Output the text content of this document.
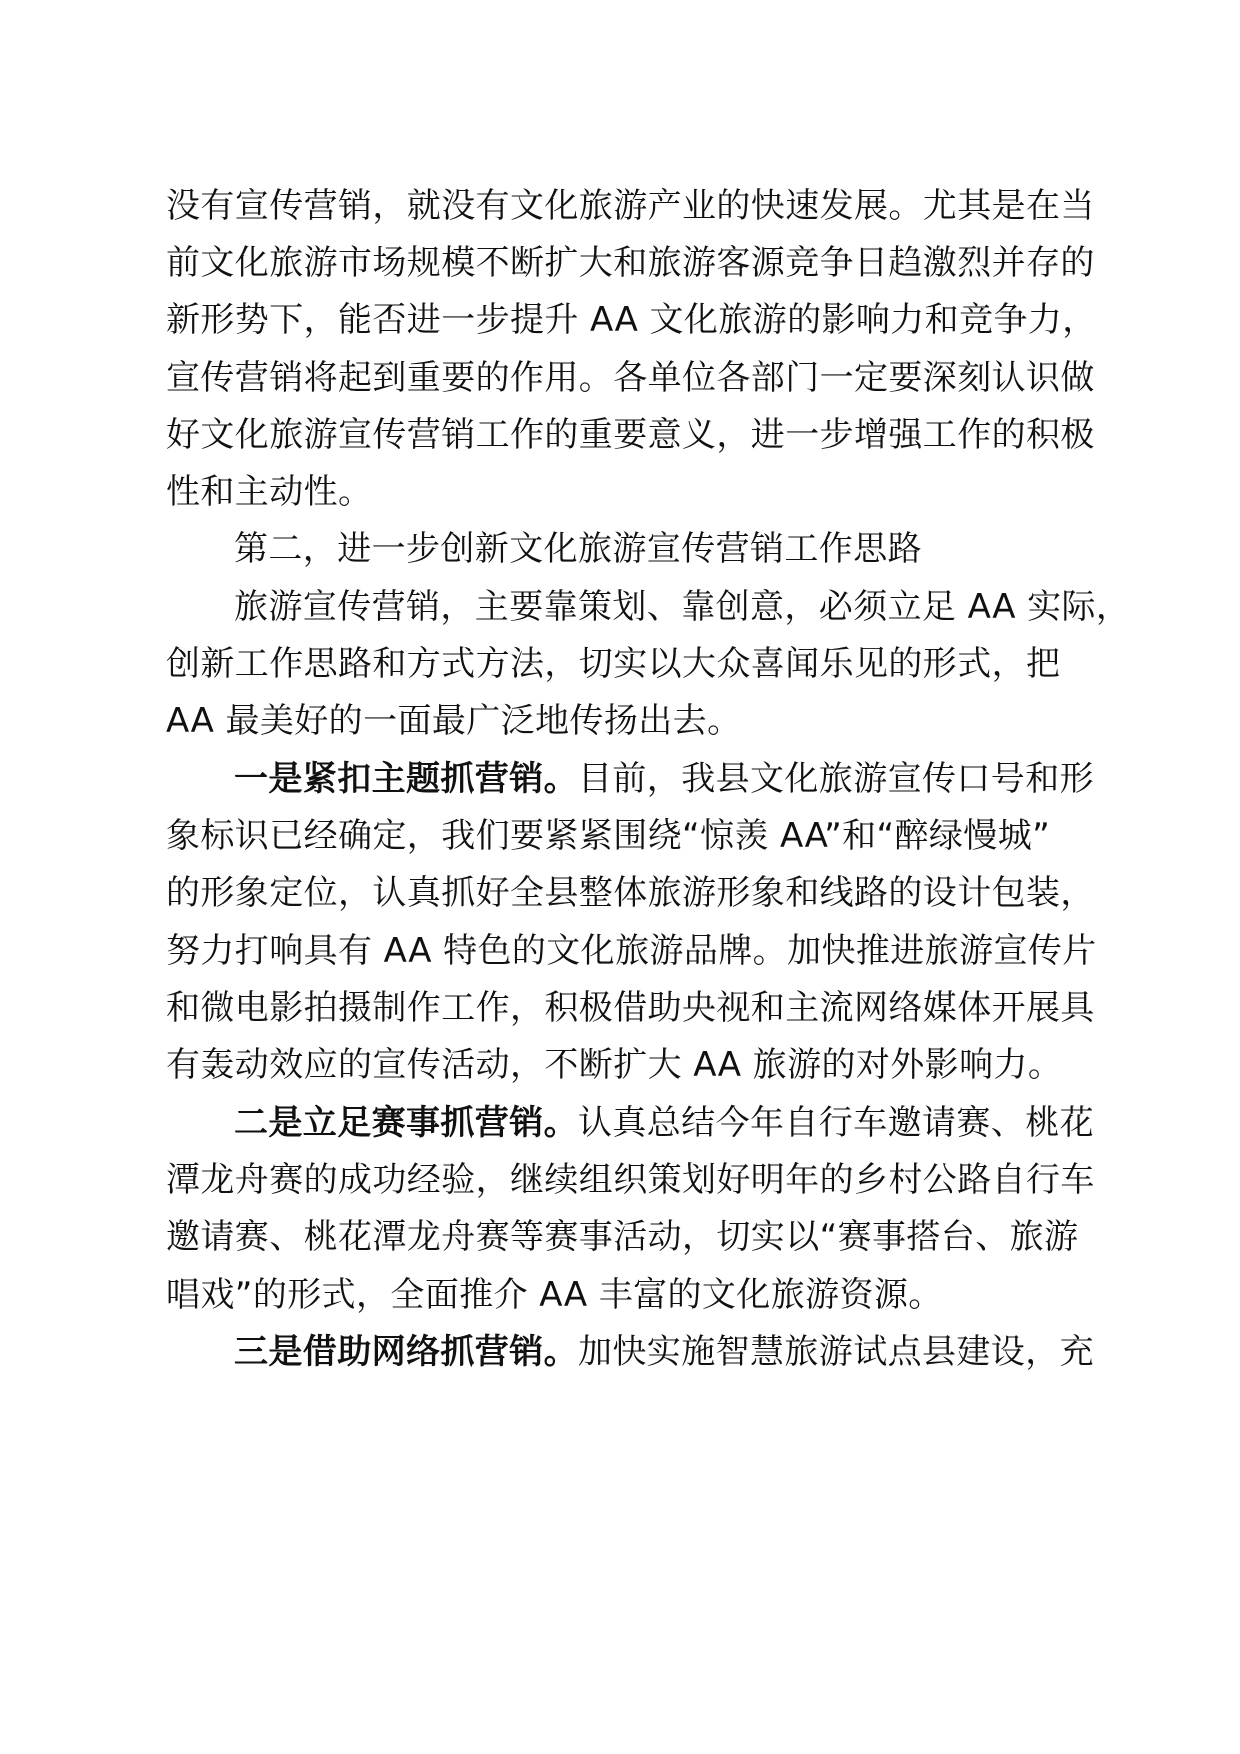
没有宣传营销，就没有文化旅游产业的快速发展。尤其是在当
前文化旅游市场规模不断扩大和旅游客源竞争日趋激烈并存的
新形势下，能否进一步提升 AA 文化旅游的影响力和竞争力，
宣传营销将起到重要的作用。各单位各部门一定要深刻认识做
好文化旅游宣传营销工作的重要意义，进一步增强工作的积极
性和主动性。
第二，进一步创新文化旅游宣传营销工作思路
旅游宣传营销，主要靠策划、靠创意，必须立足 AA 实际，
创新工作思路和方式方法，切实以大众喜闻乐见的形式，把
AA 最美好的一面最广泛地传扬出去。
一是紧扣主题抓营销。目前，我县文化旅游宣传口号和形
象标识已经确定，我们要紧紧围绕“惊羡 AA”和“醉绿慢城”
的形象定位，认真抓好全县整体旅游形象和线路的设计包装，
努力打响具有 AA 特色的文化旅游品牌。加快推进旅游宣传片
和微电影拍摄制作工作，积极借助央视和主流网络媒体开展具
有轰动效应的宣传活动，不断扩大 AA 旅游的对外影响力。
二是立足赛事抓营销。认真总结今年自行车邀请赛、桃花
潭龙舟赛的成功经验，继续组织策划好明年的乡村公路自行车
邀请赛、桃花潭龙舟赛等赛事活动，切实以“赛事搭台、旅游
唱戏”的形式，全面推介 AA 丰富的文化旅游资源。
三是借助网络抓营销。加快实施智慧旅游试点县建设，充
